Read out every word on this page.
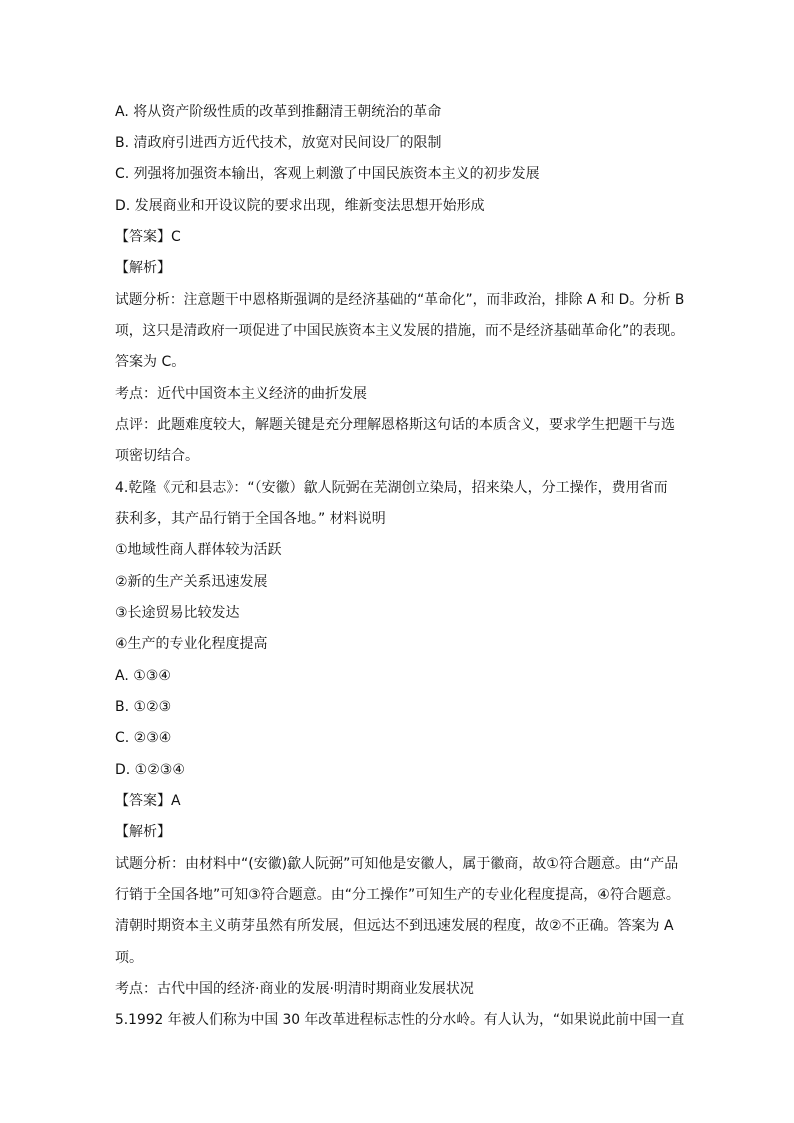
A. 将从资产阶级性质的改革到推翻清王朝统治的革命
B. 清政府引进西方近代技术，放宽对民间设厂的限制
C. 列强将加强资本输出，客观上刺激了中国民族资本主义的初步发展
D. 发展商业和开设议院的要求出现，维新变法思想开始形成
【答案】C
【解析】
试题分析：注意题干中恩格斯强调的是经济基础的“革命化”，而非政治，排除 A 和 D。分析 B
项，这只是清政府一项促进了中国民族资本主义发展的措施，而不是经济基础革命化”的表现。
答案为 C。
考点：近代中国资本主义经济的曲折发展
点评：此题难度较大，解题关键是充分理解恩格斯这句话的本质含义，要求学生把题干与选
项密切结合。
4.乾隆《元和县志》：“（安徽）歙人阮弼在芜湖创立染局，招来染人，分工操作，费用省而
获利多，其产品行销于全国各地。” 材料说明
①地域性商人群体较为活跃
②新的生产关系迅速发展
③长途贸易比较发达
④生产的专业化程度提高
A. ①③④
B. ①②③
C. ②③④
D. ①②③④
【答案】A
【解析】
试题分析：由材料中“(安徽)歙人阮弼”可知他是安徽人，属于徽商，故①符合题意。由“产品
行销于全国各地”可知③符合题意。由“分工操作”可知生产的专业化程度提高，④符合题意。
清朝时期资本主义萌芽虽然有所发展，但远达不到迅速发展的程度，故②不正确。答案为 A
项。
考点：古代中国的经济·商业的发展·明清时期商业发展状况
5.1992 年被人们称为中国 30 年改革进程标志性的分水岭。有人认为，“如果说此前中国一直
